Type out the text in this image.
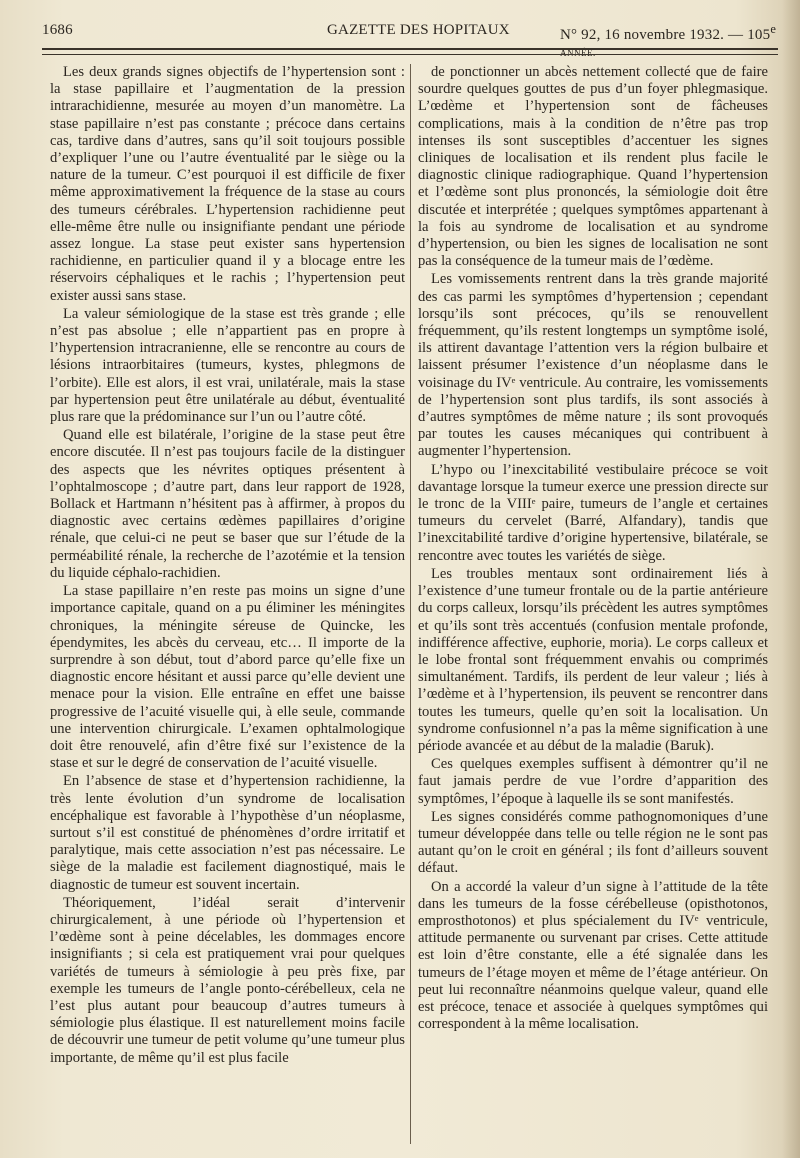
1686	GAZETTE DES HOPITAUX	N° 92, 16 novembre 1932. — 105e ANNÉE.

Les deux grands signes objectifs de l’hypertension sont : la stase papillaire et l’augmentation de la pression intrarachidienne, mesurée au moyen d’un manomètre. La stase papillaire n’est pas constante ; précoce dans certains cas, tardive dans d’autres, sans qu’il soit toujours possible d’expliquer l’une ou l’autre éventualité par le siège ou la nature de la tumeur. C’est pourquoi il est difficile de fixer même approximativement la fréquence de la stase au cours des tumeurs cérébrales. L’hypertension rachidienne peut elle-même être nulle ou insignifiante pendant une période assez longue. La stase peut exister sans hypertension rachidienne, en particulier quand il y a blocage entre les réservoirs céphaliques et le rachis ; l’hypertension peut exister aussi sans stase.

La valeur sémiologique de la stase est très grande ; elle n’est pas absolue ; elle n’appartient pas en propre à l’hypertension intracranienne, elle se rencontre au cours de lésions intraorbitaires (tumeurs, kystes, phlegmons de l’orbite). Elle est alors, il est vrai, unilatérale, mais la stase par hypertension peut être unilatérale au début, éventualité plus rare que la prédominance sur l’un ou l’autre côté.

Quand elle est bilatérale, l’origine de la stase peut être encore discutée. Il n’est pas toujours facile de la distinguer des aspects que les névrites optiques présentent à l’ophtalmoscope ; d’autre part, dans leur rapport de 1928, Bollack et Hartmann n’hésitent pas à affirmer, à propos du diagnostic avec certains œdèmes papillaires d’origine rénale, que celui-ci ne peut se baser que sur l’étude de la perméabilité rénale, la recherche de l’azotémie et la tension du liquide céphalo-rachidien.

La stase papillaire n’en reste pas moins un signe d’une importance capitale, quand on a pu éliminer les méningites chroniques, la méningite séreuse de Quincke, les épendymites, les abcès du cerveau, etc… Il importe de la surprendre à son début, tout d’abord parce qu’elle fixe un diagnostic encore hésitant et aussi parce qu’elle devient une menace pour la vision. Elle entraîne en effet une baisse progressive de l’acuité visuelle qui, à elle seule, commande une intervention chirurgicale. L’examen ophtalmologique doit être renouvelé, afin d’être fixé sur l’existence de la stase et sur le degré de conservation de l’acuité visuelle.

En l’absence de stase et d’hypertension rachidienne, la très lente évolution d’un syndrome de localisation encéphalique est favorable à l’hypothèse d’un néoplasme, surtout s’il est constitué de phénomènes d’ordre irritatif et paralytique, mais cette association n’est pas nécessaire. Le siège de la maladie est facilement diagnostiqué, mais le diagnostic de tumeur est souvent incertain.

Théoriquement, l’idéal serait d’intervenir chirurgicalement, à une période où l’hypertension et l’œdème sont à peine décelables, les dommages encore insignifiants ; si cela est pratiquement vrai pour quelques variétés de tumeurs à sémiologie à peu près fixe, par exemple les tumeurs de l’angle ponto-cérébelleux, cela ne l’est plus autant pour beaucoup d’autres tumeurs à sémiologie plus élastique. Il est naturellement moins facile de découvrir une tumeur de petit volume qu’une tumeur plus importante, de même qu’il est plus facile

de ponctionner un abcès nettement collecté que de faire sourdre quelques gouttes de pus d’un foyer phlegmasique. L’œdème et l’hypertension sont de fâcheuses complications, mais à la condition de n’être pas trop intenses ils sont susceptibles d’accentuer les signes cliniques de localisation et ils rendent plus facile le diagnostic clinique radiographique. Quand l’hypertension et l’œdème sont plus prononcés, la sémiologie doit être discutée et interprétée ; quelques symptômes appartenant à la fois au syndrome de localisation et au syndrome d’hypertension, ou bien les signes de localisation ne sont pas la conséquence de la tumeur mais de l’œdème.

Les vomissements rentrent dans la très grande majorité des cas parmi les symptômes d’hypertension ; cependant lorsqu’ils sont précoces, qu’ils se renouvellent fréquemment, qu’ils restent longtemps un symptôme isolé, ils attirent davantage l’attention vers la région bulbaire et laissent présumer l’existence d’un néoplasme dans le voisinage du IVᵉ ventricule. Au contraire, les vomissements de l’hypertension sont plus tardifs, ils sont associés à d’autres symptômes de même nature ; ils sont provoqués par toutes les causes mécaniques qui contribuent à augmenter l’hypertension.

L’hypo ou l’inexcitabilité vestibulaire précoce se voit davantage lorsque la tumeur exerce une pression directe sur le tronc de la VIIIᵉ paire, tumeurs de l’angle et certaines tumeurs du cervelet (Barré, Alfandary), tandis que l’inexcitabilité tardive d’origine hypertensive, bilatérale, se rencontre avec toutes les variétés de siège.

Les troubles mentaux sont ordinairement liés à l’existence d’une tumeur frontale ou de la partie antérieure du corps calleux, lorsqu’ils précèdent les autres symptômes et qu’ils sont très accentués (confusion mentale profonde, indifférence affective, euphorie, moria). Le corps calleux et le lobe frontal sont fréquemment envahis ou comprimés simultanément. Tardifs, ils perdent de leur valeur ; liés à l’œdème et à l’hypertension, ils peuvent se rencontrer dans toutes les tumeurs, quelle qu’en soit la localisation. Un syndrome confusionnel n’a pas la même signification à une période avancée et au début de la maladie (Baruk).

Ces quelques exemples suffisent à démontrer qu’il ne faut jamais perdre de vue l’ordre d’apparition des symptômes, l’époque à laquelle ils se sont manifestés.

Les signes considérés comme pathognomoniques d’une tumeur développée dans telle ou telle région ne le sont pas autant qu’on le croit en général ; ils font d’ailleurs souvent défaut.

On a accordé la valeur d’un signe à l’attitude de la tête dans les tumeurs de la fosse cérébelleuse (opisthotonos, emprosthotonos) et plus spécialement du IVᵉ ventricule, attitude permanente ou survenant par crises. Cette attitude est loin d’être constante, elle a été signalée dans les tumeurs de l’étage moyen et même de l’étage antérieur. On peut lui reconnaître néanmoins quelque valeur, quand elle est précoce, tenace et associée à quelques symptômes qui correspondent à la même localisation.
